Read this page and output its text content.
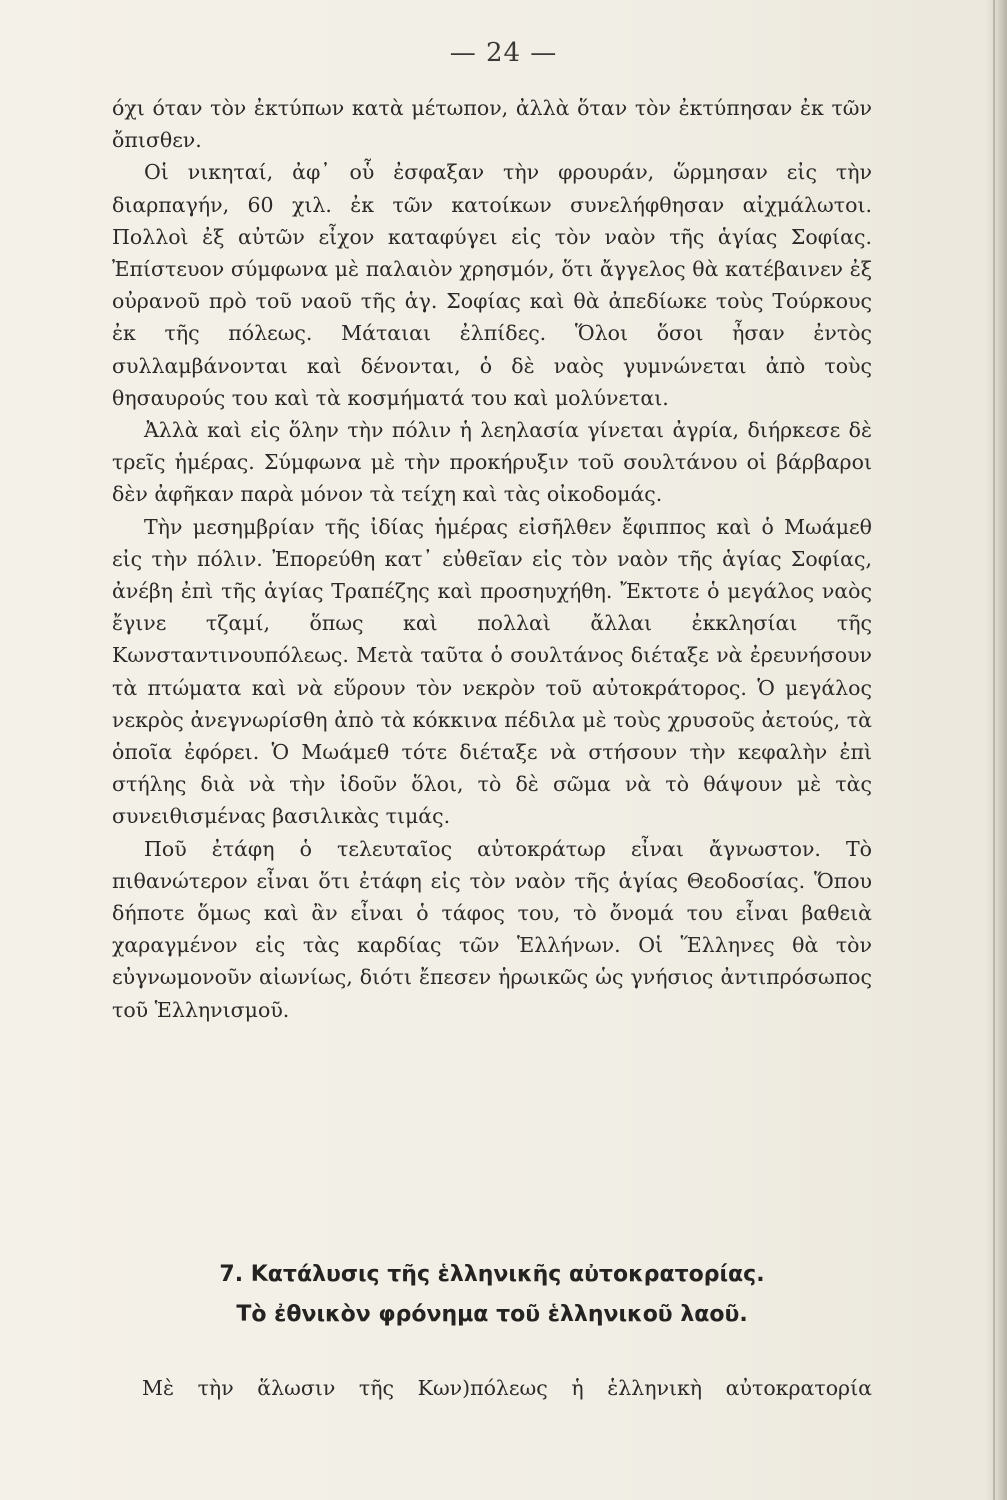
— 24 —

όχι όταν τὸν ἐκτύπων κατὰ μέτωπον, ἀλλὰ ὅταν τὸν ἐκτύπησαν ἐκ τῶν ὄπισθεν.

Οἱ νικηταί, ἀφ᾽ οὗ ἐσφαξαν τὴν φρουράν, ὥρμησαν εἰς τὴν διαρπαγήν, 60 χιλ. ἐκ τῶν κατοίκων συνελήφθησαν αἰχμάλωτοι. Πολλοὶ ἐξ αὐτῶν εἶχον καταφύγει εἰς τὸν ναὸν τῆς ἁγίας Σοφίας. Ἐπίστευον σύμφωνα μὲ παλαιὸν χρησμόν, ὅτι ἄγγελος θὰ κατέβαινεν ἐξ οὐρανοῦ πρὸ τοῦ ναοῦ τῆς ἁγ. Σοφίας καὶ θὰ ἀπεδίωκε τοὺς Τούρκους ἐκ τῆς πόλεως. Μάταιαι ἐλπίδες. Ὅλοι ὅσοι ἦσαν ἐντὸς συλλαμβάνονται καὶ δένονται, ὁ δὲ ναὸς γυμνώνεται ἀπὸ τοὺς θησαυρούς του καὶ τὰ κοσμήματά του καὶ μολύνεται.

Ἀλλὰ καὶ εἰς ὅλην τὴν πόλιν ἡ λεηλασία γίνεται ἀγρία, διήρκεσε δὲ τρεῖς ἡμέρας. Σύμφωνα μὲ τὴν προκήρυξιν τοῦ σουλτάνου οἱ βάρβαροι δὲν ἀφῆκαν παρὰ μόνον τὰ τείχη καὶ τὰς οἰκοδομάς.

Τὴν μεσημβρίαν τῆς ἰδίας ἡμέρας εἰσῆλθεν ἔφιππος καὶ ὁ Μωάμεθ εἰς τὴν πόλιν. Ἐπορεύθη κατ᾽ εὐθεῖαν εἰς τὸν ναὸν τῆς ἁγίας Σοφίας, ἀνέβη ἐπὶ τῆς ἁγίας Τραπέζης καὶ προσηυχήθη. Ἔκτοτε ὁ μεγάλος ναὸς ἔγινε τζαμί, ὅπως καὶ πολλαὶ ἄλλαι ἐκκλησίαι τῆς Κωνσταντινουπόλεως. Μετὰ ταῦτα ὁ σουλτάνος διέταξε νὰ ἐρευνήσουν τὰ πτώματα καὶ νὰ εὕρουν τὸν νεκρὸν τοῦ αὐτοκράτορος. Ὁ μεγάλος νεκρὸς ἀνεγνωρίσθη ἀπὸ τὰ κόκκινα πέδιλα μὲ τοὺς χρυσοῦς ἀετούς, τὰ ὁποῖα ἐφόρει. Ὁ Μωάμεθ τότε διέταξε νὰ στήσουν τὴν κεφαλὴν ἐπὶ στήλης διὰ νὰ τὴν ἰδοῦν ὅλοι, τὸ δὲ σῶμα νὰ τὸ θάψουν μὲ τὰς συνειθισμένας βασιλικὰς τιμάς.

Ποῦ ἐτάφη ὁ τελευταῖος αὐτοκράτωρ εἶναι ἄγνωστον. Τὸ πιθανώτερον εἶναι ὅτι ἐτάφη εἰς τὸν ναὸν τῆς ἁγίας Θεοδοσίας. Ὅπου δήποτε ὅμως καὶ ἂν εἶναι ὁ τάφος του, τὸ ὄνομά του εἶναι βαθειὰ χαραγμένον εἰς τὰς καρδίας τῶν Ἑλλήνων. Οἱ Ἕλληνες θὰ τὸν εὐγνωμονοῦν αἰωνίως, διότι ἔπεσεν ἡρωικῶς ὡς γνήσιος ἀντιπρόσωπος τοῦ Ἑλληνισμοῦ.

7. Κατάλυσις τῆς ἑλληνικῆς αὐτοκρατορίας.
Τὸ ἐθνικὸν φρόνημα τοῦ ἑλληνικοῦ λαοῦ.
Μὲ τὴν ἅλωσιν τῆς Κων)πόλεως ἡ ἑλληνικὴ αὐτοκρατορία
